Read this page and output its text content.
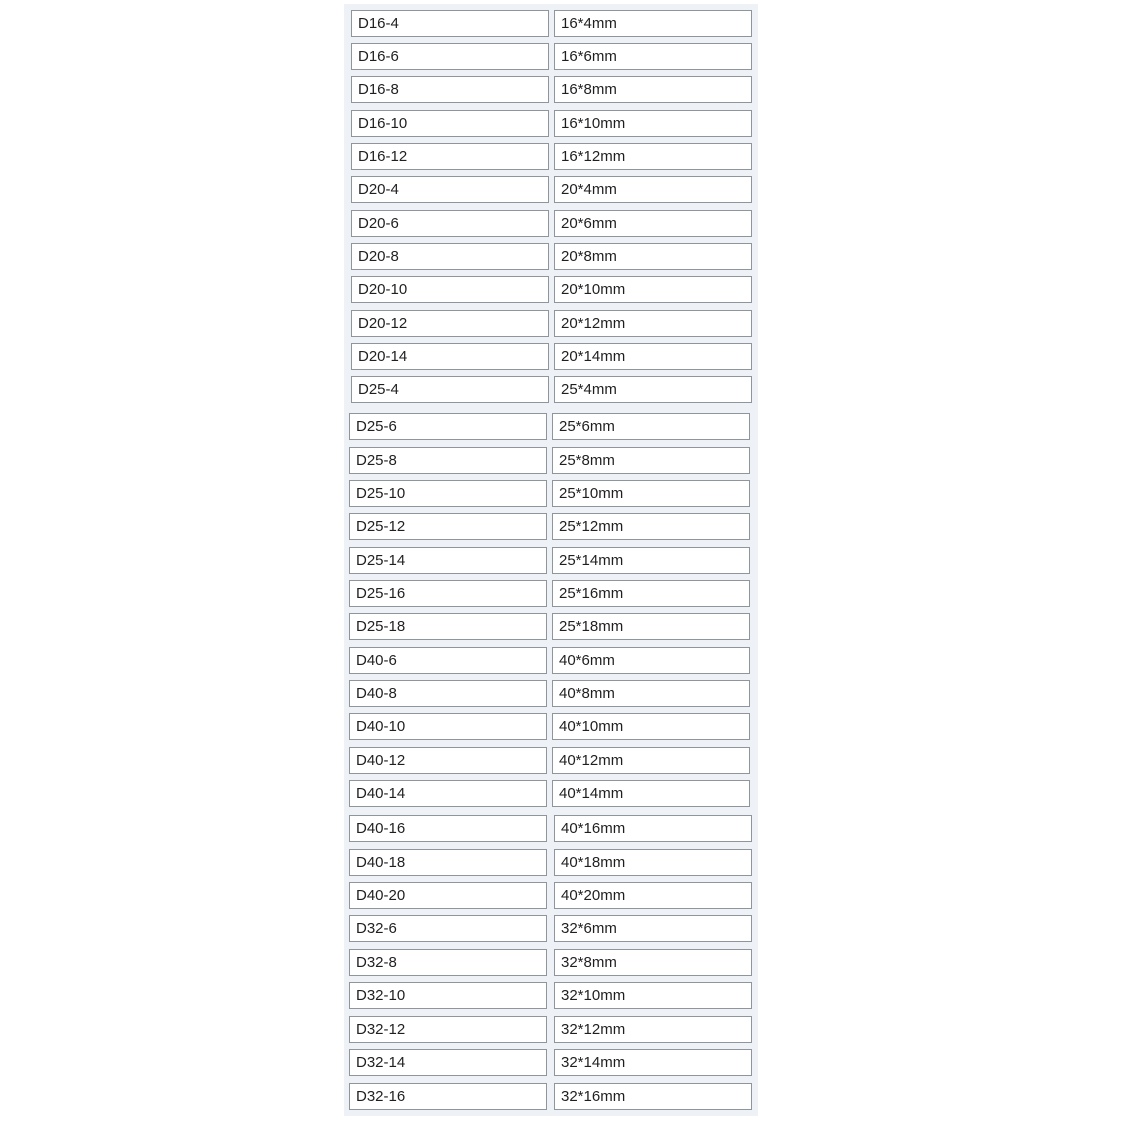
D16-4	16*4mm
D16-6	16*6mm
D16-8	16*8mm
D16-10	16*10mm
D16-12	16*12mm
D20-4	20*4mm
D20-6	20*6mm
D20-8	20*8mm
D20-10	20*10mm
D20-12	20*12mm
D20-14	20*14mm
D25-4	25*4mm
D25-6	25*6mm
D25-8	25*8mm
D25-10	25*10mm
D25-12	25*12mm
D25-14	25*14mm
D25-16	25*16mm
D25-18	25*18mm
D40-6	40*6mm
D40-8	40*8mm
D40-10	40*10mm
D40-12	40*12mm
D40-14	40*14mm
D40-16	40*16mm
D40-18	40*18mm
D40-20	40*20mm
D32-6	32*6mm
D32-8	32*8mm
D32-10	32*10mm
D32-12	32*12mm
D32-14	32*14mm
D32-16	32*16mm
